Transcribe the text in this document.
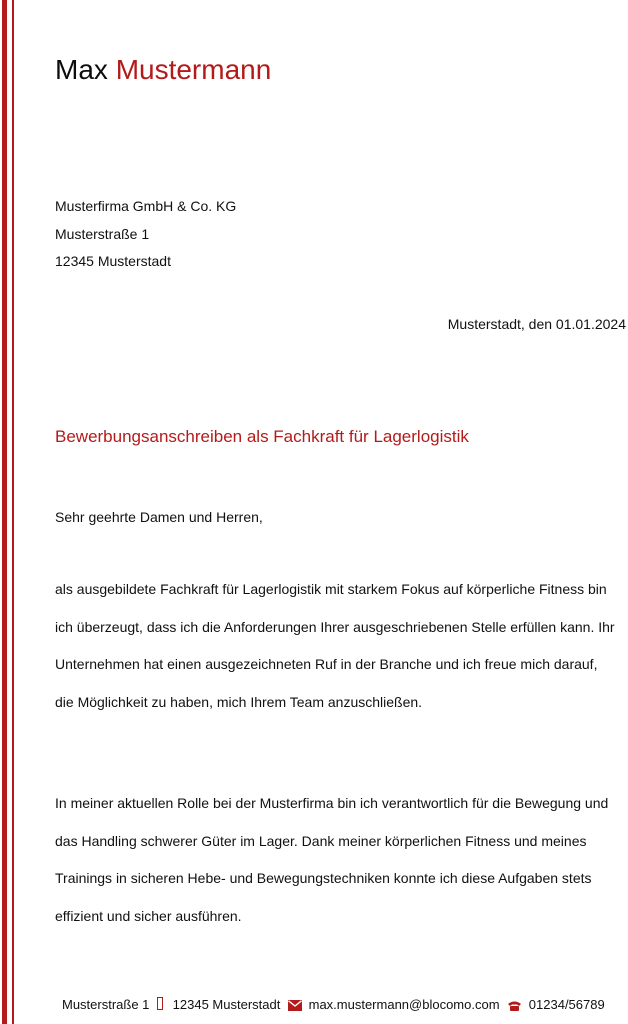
Max Mustermann
Musterfirma GmbH & Co. KG
Musterstraße 1
12345 Musterstadt
Musterstadt, den 01.01.2024
Bewerbungsanschreiben als Fachkraft für Lagerlogistik
Sehr geehrte Damen und Herren,

als ausgebildete Fachkraft für Lagerlogistik mit starkem Fokus auf körperliche Fitness bin ich überzeugt, dass ich die Anforderungen Ihrer ausgeschriebenen Stelle erfüllen kann. Ihr Unternehmen hat einen ausgezeichneten Ruf in der Branche und ich freue mich darauf, die Möglichkeit zu haben, mich Ihrem Team anzuschließen.

In meiner aktuellen Rolle bei der Musterfirma bin ich verantwortlich für die Bewegung und das Handling schwerer Güter im Lager. Dank meiner körperlichen Fitness und meines Trainings in sicheren Hebe- und Bewegungstechniken konnte ich diese Aufgaben stets effizient und sicher ausführen.

Musterstraße 1 12345 Musterstadt max.mustermann@blocomo.com 01234/56789
